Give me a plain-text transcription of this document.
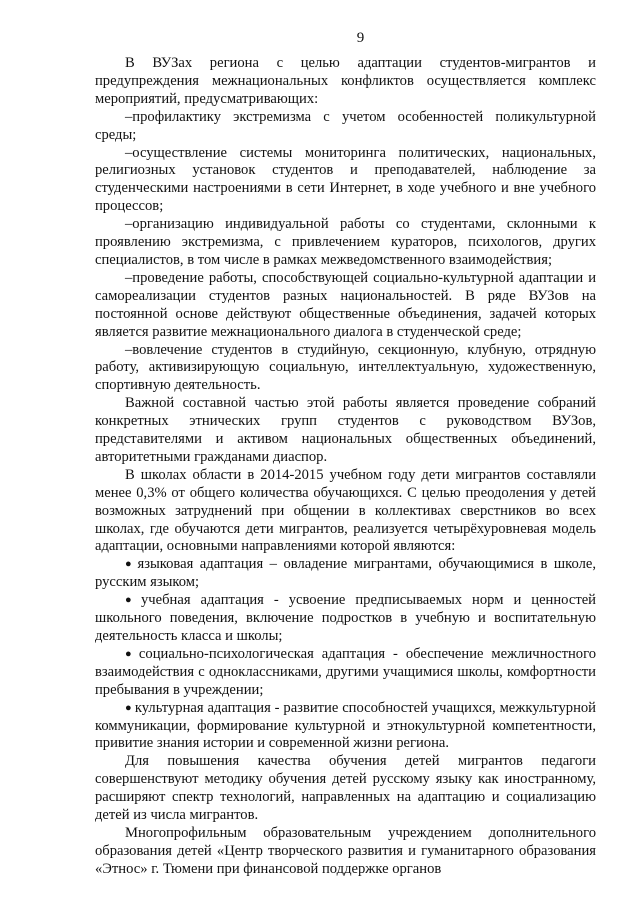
9

В ВУЗах региона с целью адаптации студентов-мигрантов и предупреждения межнациональных конфликтов осуществляется комплекс мероприятий, предусматривающих:

–профилактику экстремизма с учетом особенностей поликультурной среды;

–осуществление системы мониторинга политических, национальных, религиозных установок студентов и преподавателей, наблюдение за студенческими настроениями в сети Интернет, в ходе учебного и вне учебного процессов;

–организацию индивидуальной работы со студентами, склонными к проявлению экстремизма, с привлечением кураторов, психологов, других специалистов, в том числе в рамках межведомственного взаимодействия;

–проведение работы, способствующей социально-культурной адаптации и самореализации студентов разных национальностей. В ряде ВУЗов на постоянной основе действуют общественные объединения, задачей которых является развитие межнационального диалога в студенческой среде;

–вовлечение студентов в студийную, секционную, клубную, отрядную работу, активизирующую социальную, интеллектуальную, художественную, спортивную деятельность.

Важной составной частью этой работы является проведение собраний конкретных этнических групп студентов с руководством ВУЗов, представителями и активом национальных общественных объединений, авторитетными гражданами диаспор.

В школах области в 2014-2015 учебном году дети мигрантов составляли менее 0,3% от общего количества обучающихся. С целью преодоления у детей возможных затруднений при общении в коллективах сверстников во всех школах, где обучаются дети мигрантов, реализуется четырёхуровневая модель адаптации, основными направлениями которой являются:

● языковая адаптация – овладение мигрантами, обучающимися в школе, русским языком;

● учебная адаптация - усвоение предписываемых норм и ценностей школьного поведения, включение подростков в учебную и воспитательную деятельность класса и школы;

● социально-психологическая адаптация - обеспечение межличностного взаимодействия с одноклассниками, другими учащимися школы, комфортности пребывания в учреждении;

● культурная адаптация - развитие способностей учащихся, межкультурной коммуникации, формирование культурной и этнокультурной компетентности, привитие знания истории и современной жизни региона.

Для повышения качества обучения детей мигрантов педагоги совершенствуют методику обучения детей русскому языку как иностранному, расширяют спектр технологий, направленных на адаптацию и социализацию детей из числа мигрантов.

Многопрофильным образовательным учреждением дополнительного образования детей «Центр творческого развития и гуманитарного образования «Этнос» г. Тюмени при финансовой поддержке органов
